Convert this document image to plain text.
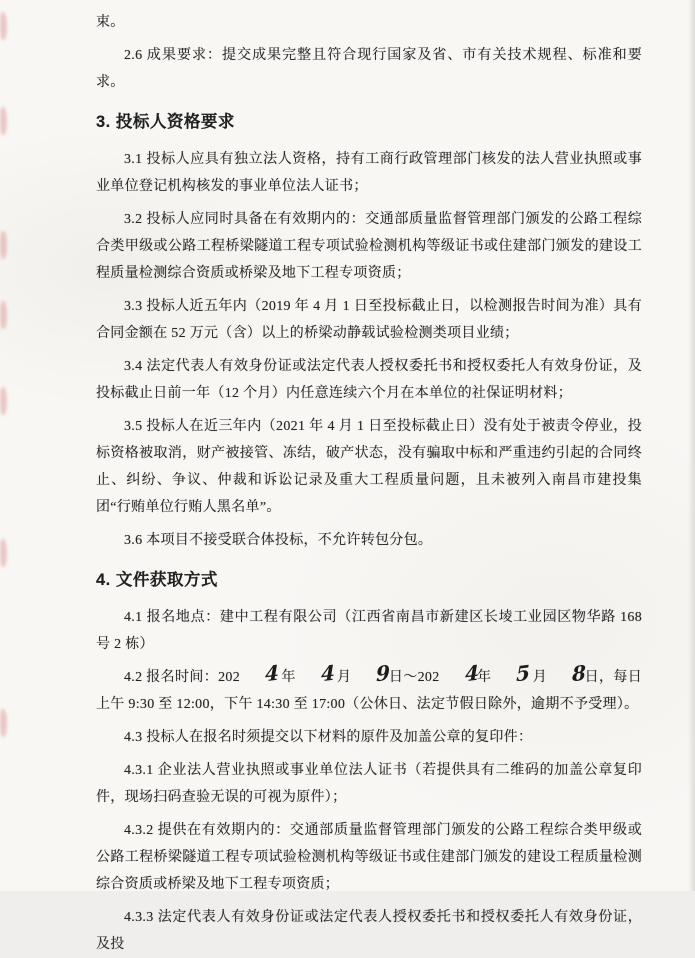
束。

2.6 成果要求：提交成果完整且符合现行国家及省、市有关技术规程、标准和要求。

3. 投标人资格要求

3.1 投标人应具有独立法人资格，持有工商行政管理部门核发的法人营业执照或事业单位登记机构核发的事业单位法人证书；

3.2 投标人应同时具备在有效期内的：交通部质量监督管理部门颁发的公路工程综合类甲级或公路工程桥梁隧道工程专项试验检测机构等级证书或住建部门颁发的建设工程质量检测综合资质或桥梁及地下工程专项资质；

3.3 投标人近五年内（2019 年 4 月 1 日至投标截止日，以检测报告时间为准）具有合同金额在 52 万元（含）以上的桥梁动静载试验检测类项目业绩；

3.4 法定代表人有效身份证或法定代表人授权委托书和授权委托人有效身份证，及投标截止日前一年（12 个月）内任意连续六个月在本单位的社保证明材料；

3.5 投标人在近三年内（2021 年 4 月 1 日至投标截止日）没有处于被责令停业，投标资格被取消，财产被接管、冻结，破产状态，没有骗取中标和严重违约引起的合同终止、纠纷、争议、仲裁和诉讼记录及重大工程质量问题，且未被列入南昌市建投集团“行贿单位行贿人黑名单”。

3.6 本项目不接受联合体投标，不允许转包分包。

4. 文件获取方式

4.1 报名地点：建中工程有限公司（江西省南昌市新建区长堎工业园区物华路 168 号 2 栋）

4.2 报名时间：202 4 年 4 月 9日～202 4年 5 月 8日，每日上午 9:30 至 12:00，下午 14:30 至 17:00（公休日、法定节假日除外，逾期不予受理）。

4.3 投标人在报名时须提交以下材料的原件及加盖公章的复印件：

4.3.1 企业法人营业执照或事业单位法人证书（若提供具有二维码的加盖公章复印件，现场扫码查验无误的可视为原件）；

4.3.2 提供在有效期内的：交通部质量监督管理部门颁发的公路工程综合类甲级或公路工程桥梁隧道工程专项试验检测机构等级证书或住建部门颁发的建设工程质量检测综合资质或桥梁及地下工程专项资质；

4.3.3 法定代表人有效身份证或法定代表人授权委托书和授权委托人有效身份证，及投
